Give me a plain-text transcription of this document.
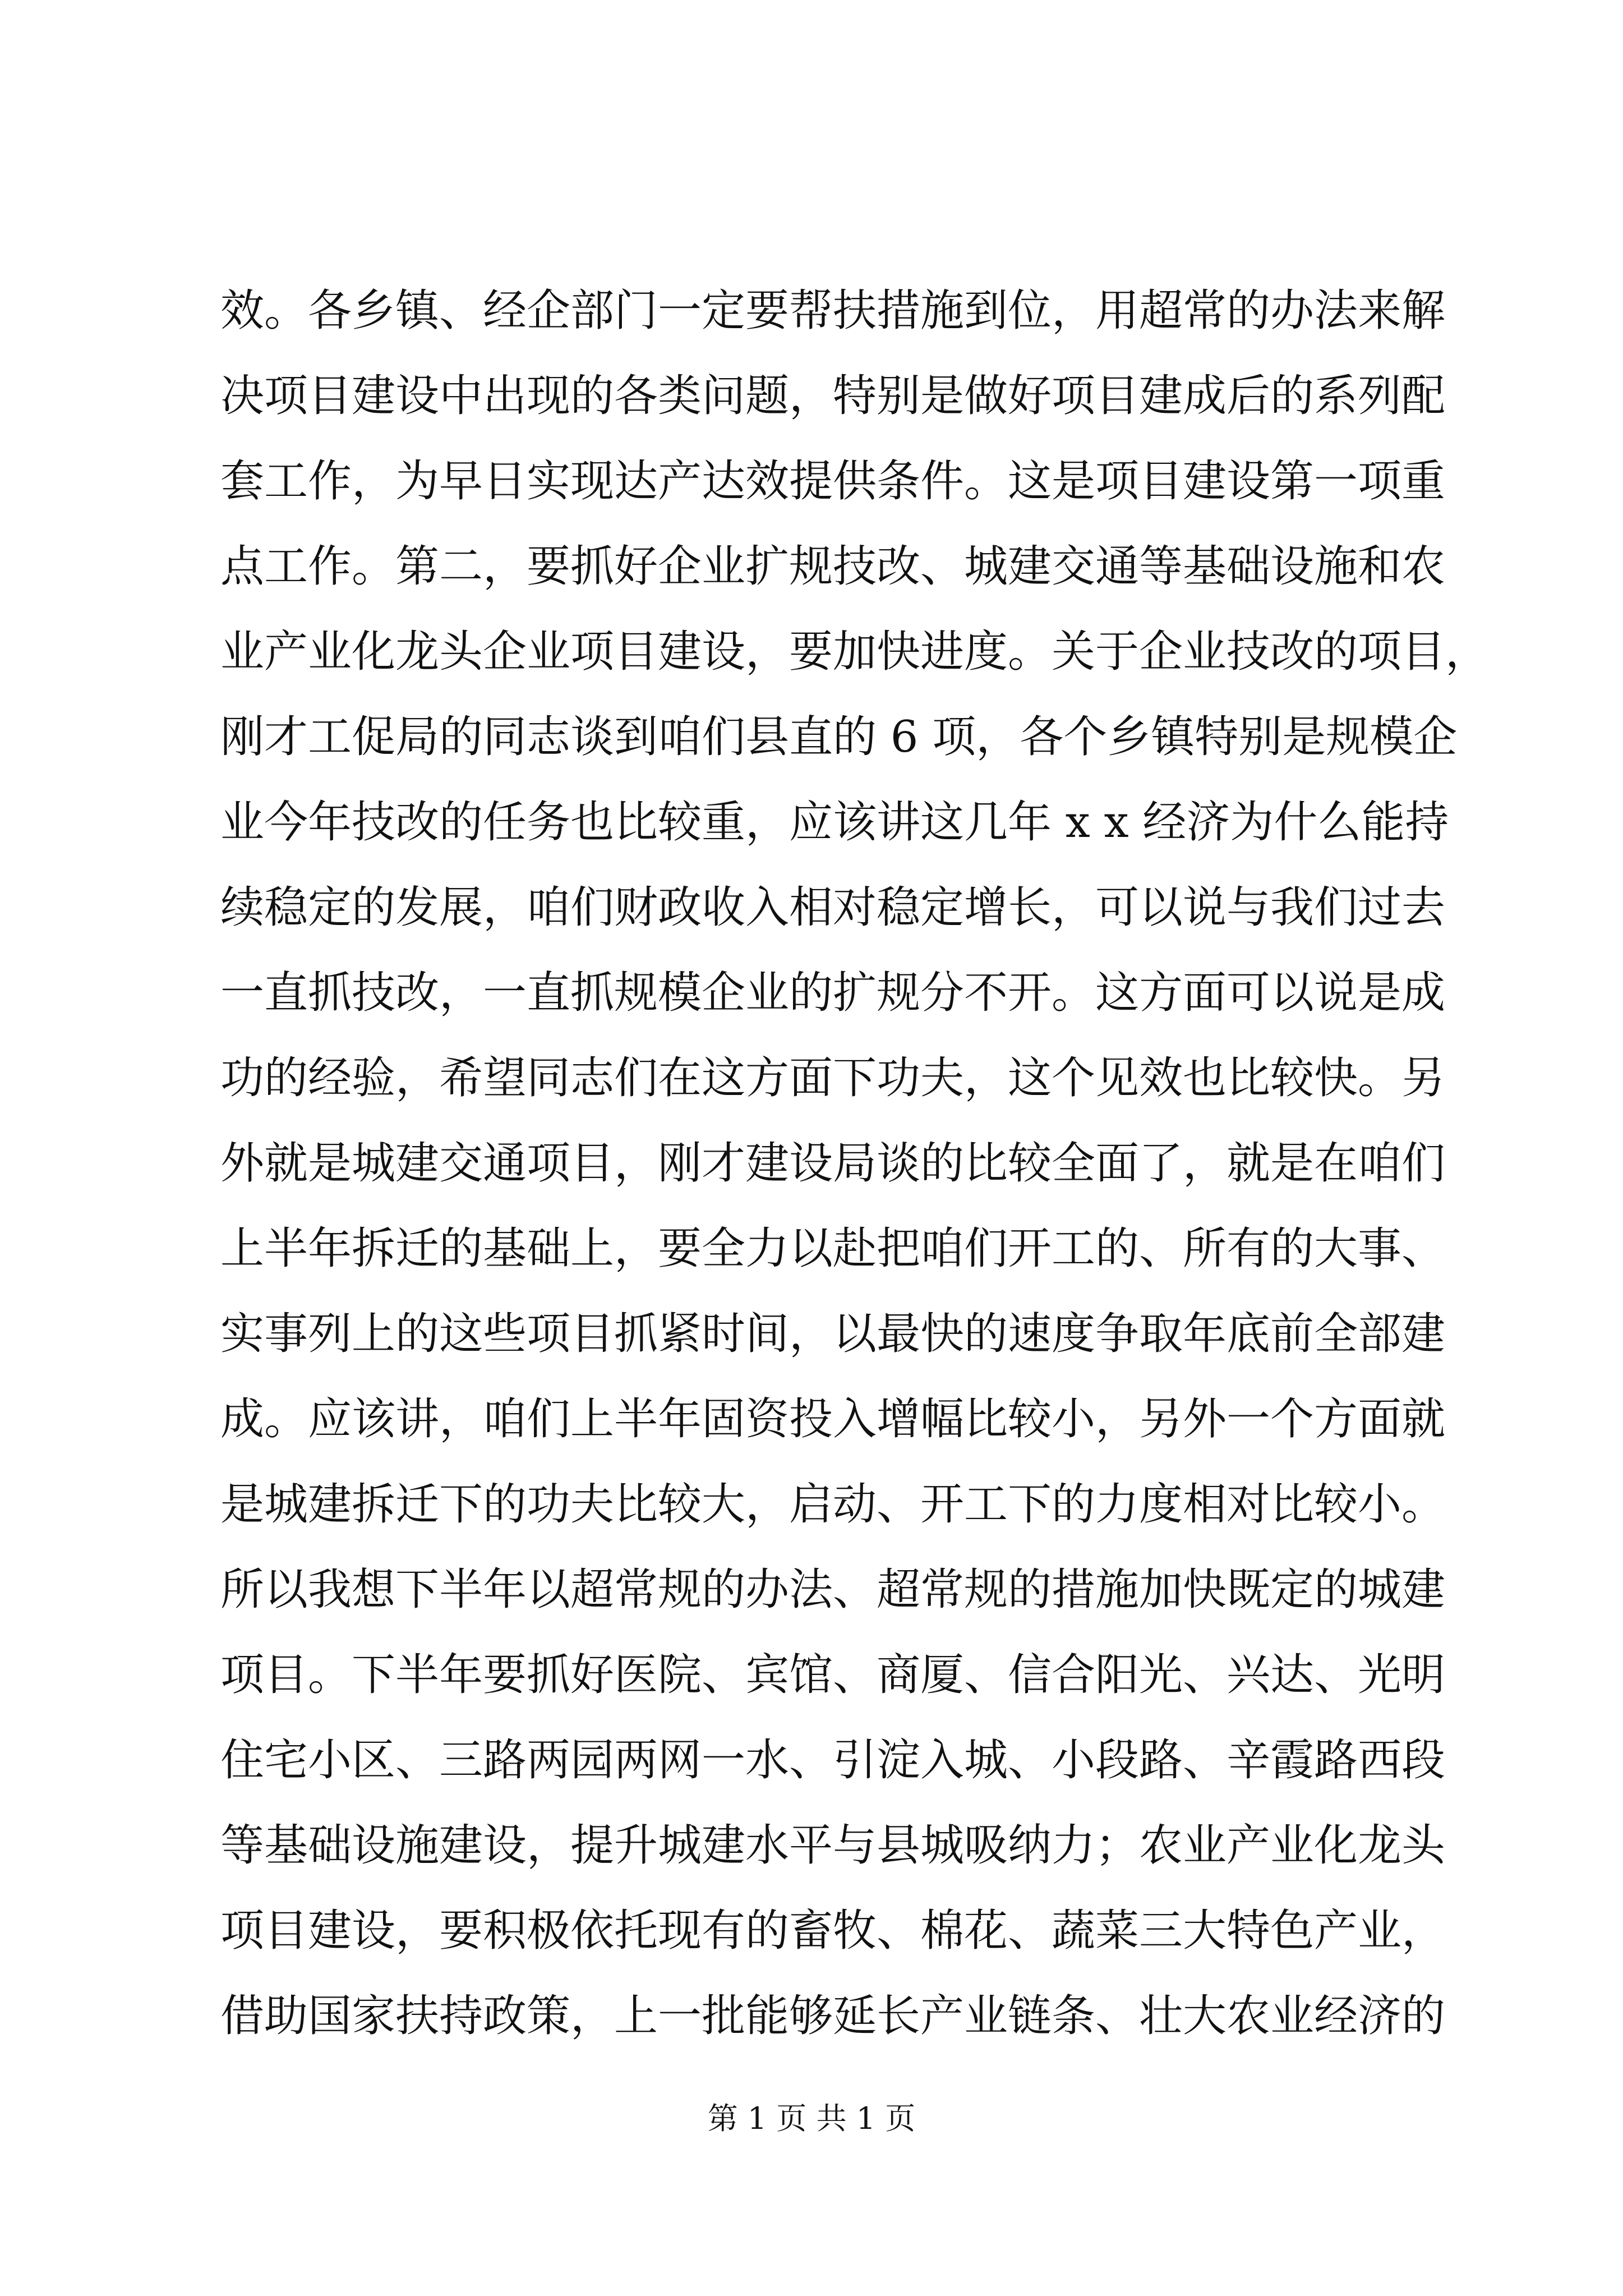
效。各乡镇、经企部门一定要帮扶措施到位，用超常的办法来解
决项目建设中出现的各类问题，特别是做好项目建成后的系列配
套工作，为早日实现达产达效提供条件。这是项目建设第一项重
点工作。第二，要抓好企业扩规技改、城建交通等基础设施和农
业产业化龙头企业项目建设，要加快进度。关于企业技改的项目，
刚才工促局的同志谈到咱们县直的 6 项，各个乡镇特别是规模企
业今年技改的任务也比较重，应该讲这几年 x x 经济为什么能持
续稳定的发展，咱们财政收入相对稳定增长，可以说与我们过去
一直抓技改，一直抓规模企业的扩规分不开。这方面可以说是成
功的经验，希望同志们在这方面下功夫，这个见效也比较快。另
外就是城建交通项目，刚才建设局谈的比较全面了，就是在咱们
上半年拆迁的基础上，要全力以赴把咱们开工的、所有的大事、
实事列上的这些项目抓紧时间，以最快的速度争取年底前全部建
成。应该讲，咱们上半年固资投入增幅比较小，另外一个方面就
是城建拆迁下的功夫比较大，启动、开工下的力度相对比较小。
所以我想下半年以超常规的办法、超常规的措施加快既定的城建
项目。下半年要抓好医院、宾馆、商厦、信合阳光、兴达、光明
住宅小区、三路两园两网一水、引淀入城、小段路、辛霞路西段
等基础设施建设，提升城建水平与县城吸纳力；农业产业化龙头
项目建设，要积极依托现有的畜牧、棉花、蔬菜三大特色产业，
借助国家扶持政策，上一批能够延长产业链条、壮大农业经济的
第 1 页 共 1 页
